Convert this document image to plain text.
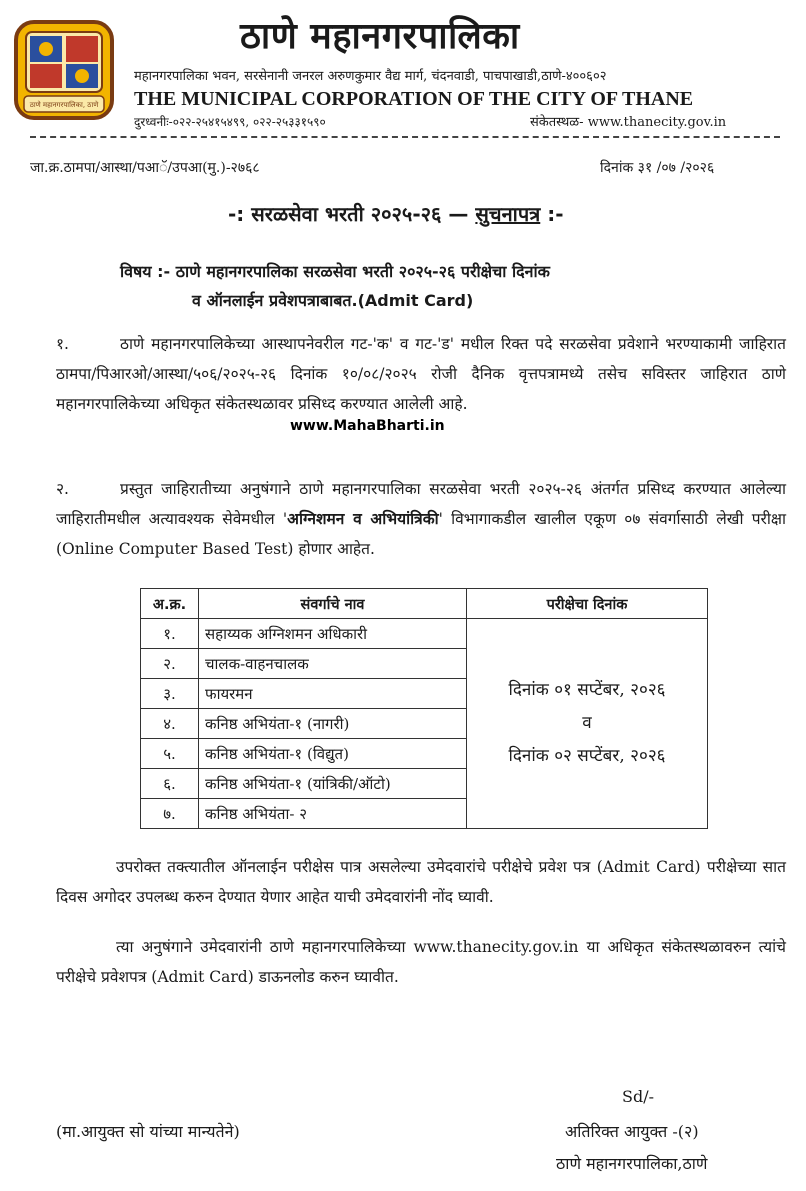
ठाणे महानगरपालिका, ठाणे
ठाणे महानगरपालिका
महानगरपालिका भवन, सरसेनानी जनरल अरुणकुमार वैद्य मार्ग, चंदनवाडी, पाचपाखाडी,ठाणे-४००६०२
THE MUNICIPAL CORPORATION OF THE CITY OF THANE
दुरध्वनीः-०२२-२५४१५४९९, ०२२-२५३३१५९०	संकेतस्थळ- www.thanecity.gov.in
जा.क्र.ठामपा/आस्था/पआॅ/उपआ(मु.)-२७६८	दिनांक ३१ /०७ /२०२६
-: सरळसेवा भरती २०२५-२६ — सुचनापत्र :-
विषय :- ठाणे महानगरपालिका सरळसेवा भरती २०२५-२६ परीक्षेचा दिनांक
व ऑनलाईन प्रवेशपत्राबाबत.(Admit Card)
१.	ठाणे महानगरपालिकेच्या आस्थापनेवरील गट-'क' व गट-'ड' मधील रिक्त पदे सरळसेवा प्रवेशाने भरण्याकामी जाहिरात ठामपा/पिआरओ/आस्था/५०६/२०२५-२६ दिनांक १०/०८/२०२५ रोजी दैनिक वृत्तपत्रामध्ये तसेच सविस्तर जाहिरात ठाणे महानगरपालिकेच्या अधिकृत संकेतस्थळावर प्रसिध्द करण्यात आलेली आहे.
www.MahaBharti.in
२.	प्रस्तुत जाहिरातीच्या अनुषंगाने ठाणे महानगरपालिका सरळसेवा भरती २०२५-२६ अंतर्गत प्रसिध्द करण्यात आलेल्या जाहिरातीमधील अत्यावश्यक सेवेमधील 'अग्निशमन व अभियांत्रिकी' विभागाकडील खालील एकूण ०७ संवर्गासाठी लेखी परीक्षा (Online Computer Based Test) होणार आहेत.
अ.क्र.	संवर्गाचे नाव	परीक्षेचा दिनांक
१.	सहाय्यक अग्निशमन अधिकारी	दिनांक ०१ सप्टेंबर, २०२६
व
दिनांक ०२ सप्टेंबर, २०२६

२.	चालक-वाहनचालक	
३.	फायरमन	
४.	कनिष्ठ अभियंता-१ (नागरी)	
५.	कनिष्ठ अभियंता-१ (विद्युत)	
६.	कनिष्ठ अभियंता-१ (यांत्रिकी/ऑटो)	
७.	कनिष्ठ अभियंता- २	
उपरोक्त तक्त्यातील ऑनलाईन परीक्षेस पात्र असलेल्या उमेदवारांचे परीक्षेचे प्रवेश पत्र (Admit Card) परीक्षेच्या सात दिवस अगोदर उपलब्ध करुन देण्यात येणार आहेत याची उमेदवारांनी नोंद घ्यावी.
त्या अनुषंगाने उमेदवारांनी ठाणे महानगरपालिकेच्या www.thanecity.gov.in या अधिकृत संकेतस्थळावरुन त्यांचे परीक्षेचे प्रवेशपत्र (Admit Card) डाऊनलोड करुन घ्यावीत.
Sd/-
(मा.आयुक्त सो यांच्या मान्यतेने)	अतिरिक्त आयुक्त -(२)
ठाणे महानगरपालिका,ठाणे
